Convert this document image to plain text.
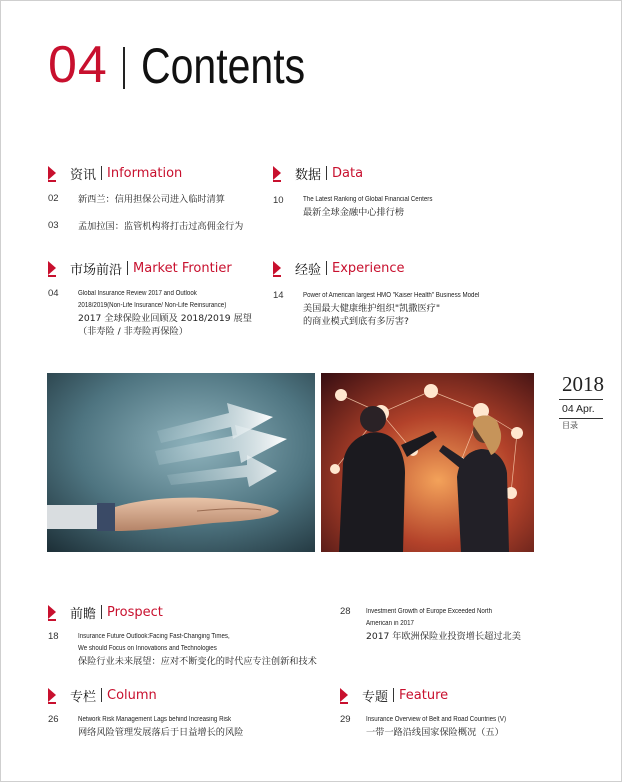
04 Contents
资讯 Information
02	新西兰：信用担保公司进入临时清算
03	孟加拉国：监管机构将打击过高佣金行为
数据 Data
10	The Latest Ranking of Global Financial Centers
最新全球金融中心排行榜
市场前沿 Market Frontier
04	Global Insurance Review 2017 and Outlook
2018/2019(Non-Life Insurance/ Non-Life Reinsurance)
2017 全球保险业回顾及 2018/2019 展望
（非寿险 / 非寿险再保险）
经验 Experience
14	Power of American largest HMO "Kaiser Health" Business Model
美国最大健康维护组织"凯撒医疗"
的商业模式到底有多厉害?
2018
04 Apr.
目录
前瞻 Prospect
18	Insurance Future Outlook:Facing Fast-Changing Times,
We should Focus on Innovations and Technologies
保险行业未来展望：应对不断变化的时代应专注创新和技术
28	Investment Growth of Europe Exceeded North
American in 2017
2017 年欧洲保险业投资增长超过北美
专栏 Column
26	Network Risk Management Lags behind Increasing Risk
网络风险管理发展落后于日益增长的风险
专题 Feature
29	Insurance Overview of Belt and Road Countries (V)
一带一路沿线国家保险概况（五）
